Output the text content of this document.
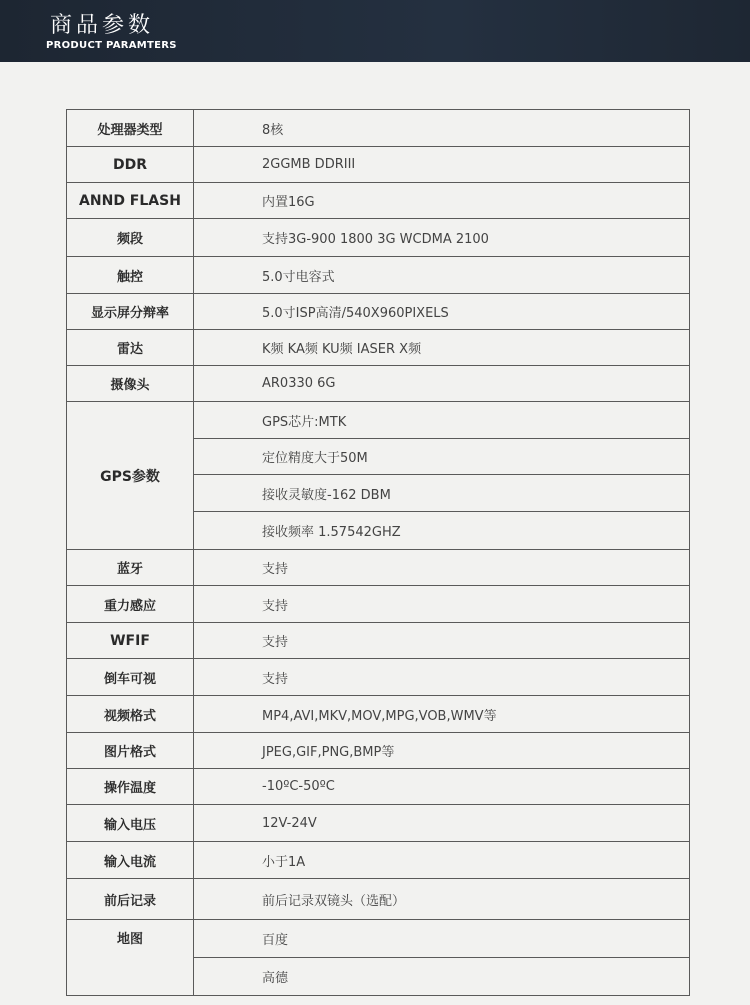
商品参数
PRODUCT PARAMTERS
处理器类型	8核
DDR	2GGMB DDRIII
ANND FLASH	内置16G
频段	支持3G-900 1800 3G WCDMA 2100
触控	5.0寸电容式
显示屏分辩率	5.0寸ISP高清/540X960PIXELS
雷达	K频 KA频 KU频 IASER X频
摄像头	AR0330 6G
GPS参数	GPS芯片:MTK
	定位精度大于50M
	接收灵敏度-162 DBM
	接收频率 1.57542GHZ
蓝牙	支持
重力感应	支持
WFIF	支持
倒车可视	支持
视频格式	MP4,AVI,MKV,MOV,MPG,VOB,WMV等
图片格式	JPEG,GIF,PNG,BMP等
操作温度	-10ºC-50ºC
输入电压	12V-24V
输入电流	小于1A
前后记录	前后记录双镜头（选配）
地图	百度
	高德
